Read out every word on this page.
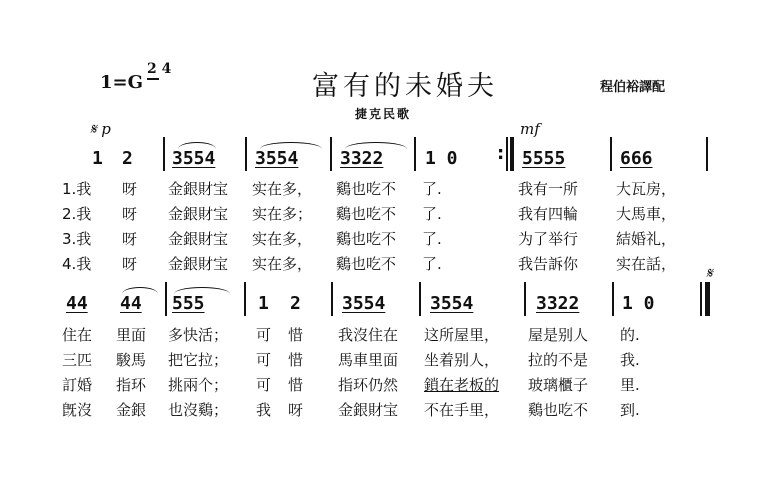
1=G
2 4
富有的未婚夫	程伯裕譯配
捷克民歌
𝄋 p	mf
1 2 3554 3554 3322 1 0	5555	666
:
1.我 呀 金銀財宝 实在多， 鷄也吃不 了.	我有一所	大瓦房，
2.我 呀 金銀財宝 实在多； 鷄也吃不 了.	我有四輪	大馬車，
3.我 呀 金銀財宝 实在多， 鷄也吃不 了.	为了举行	結婚礼，
4.我 呀 金銀財宝 实在多， 鷄也吃不 了.	我告訴你	实在話， 𝄋
44 44 555	1 2 3554 3554	3322 1 0
住在 里面 多快活； 可 惜 我沒住在 这所屋里， 屋是别人 的.
三匹 駿馬 把它拉； 可 惜 馬車里面 坐着别人， 拉的不是 我.
訂婚 指环 挑兩个； 可 惜 指环仍然 鎖在老板的 玻璃櫃子 里.
旣沒 金銀 也沒鷄； 我 呀 金銀財宝 不在手里， 鷄也吃不 到.
